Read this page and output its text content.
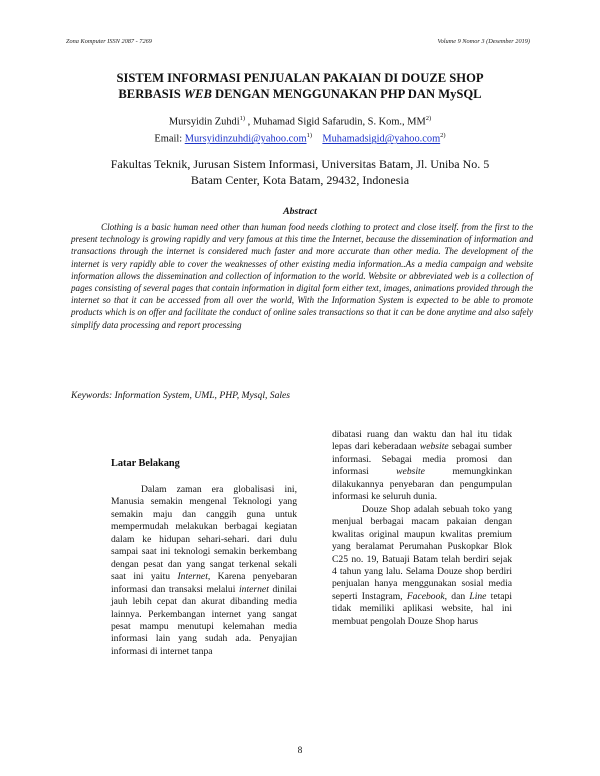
Zona Komputer ISSN 2087 - 7269	Volume 9 Nomor 3 (Desember 2019)
SISTEM INFORMASI PENJUALAN PAKAIAN DI DOUZE SHOP
BERBASIS WEB DENGAN MENGGUNAKAN PHP DAN MySQL
Mursyidin Zuhdi$^{1)}$ , Muhamad Sigid Safarudin, S. Kom., MM$^{2)}$
Email: Mursyidinzuhdi@yahoo.com$^{1)}$ Muhamadsigid@yahoo.com$^{2)}$
Fakultas Teknik, Jurusan Sistem Informasi, Universitas Batam, Jl. Uniba No. 5
Batam Center, Kota Batam, 29432, Indonesia
Abstract

Clothing is a basic human need other than human food needs clothing to protect and close itself. from the first to the present technology is growing rapidly and very famous at this time the Internet, because the dissemination of information and transactions through the internet is considered much faster and more accurate than other media. The development of the internet is very rapidly able to cover the weaknesses of other existing media information..As a media campaign and website information allows the dissemination and collection of information to the world. Website or abbreviated web is a collection of pages consisting of several pages that contain information in digital form either text, images, animations provided through the internet so that it can be accessed from all over the world, With the Information System is expected to be able to promote products which is on offer and facilitate the conduct of online sales transactions so that it can be done anytime and also safely simplify data processing and report processing

Keywords: Information System, UML, PHP, Mysql, Sales
Latar Belakang

Dalam zaman era globalisasi ini, Manusia semakin mengenal Teknologi yang semakin maju dan canggih guna untuk mempermudah melakukan berbagai kegiatan dalam ke hidupan sehari-sehari. dari dulu sampai saat ini teknologi semakin berkembang dengan pesat dan yang sangat terkenal sekali saat ini yaitu Internet, Karena penyebaran informasi dan transaksi melalui internet dinilai jauh lebih cepat dan akurat dibanding media lainnya. Perkembangan internet yang sangat pesat mampu menutupi kelemahan media informasi lain yang sudah ada. Penyajian informasi di internet tanpa

dibatasi ruang dan waktu dan hal itu tidak lepas dari keberadaan website sebagai sumber informasi. Sebagai media promosi dan informasi website memungkinkan dilakukannya penyebaran dan pengumpulan informasi ke seluruh dunia.

Douze Shop adalah sebuah toko yang menjual berbagai macam pakaian dengan kwalitas original maupun kwalitas premium yang beralamat Perumahan Puskopkar Blok C25 no. 19, Batuaji Batam telah berdiri sejak 4 tahun yang lalu. Selama Douze shop berdiri penjualan hanya menggunakan sosial media seperti Instagram, Facebook, dan Line tetapi tidak memiliki aplikasi website, hal ini membuat pengolah Douze Shop harus

8
